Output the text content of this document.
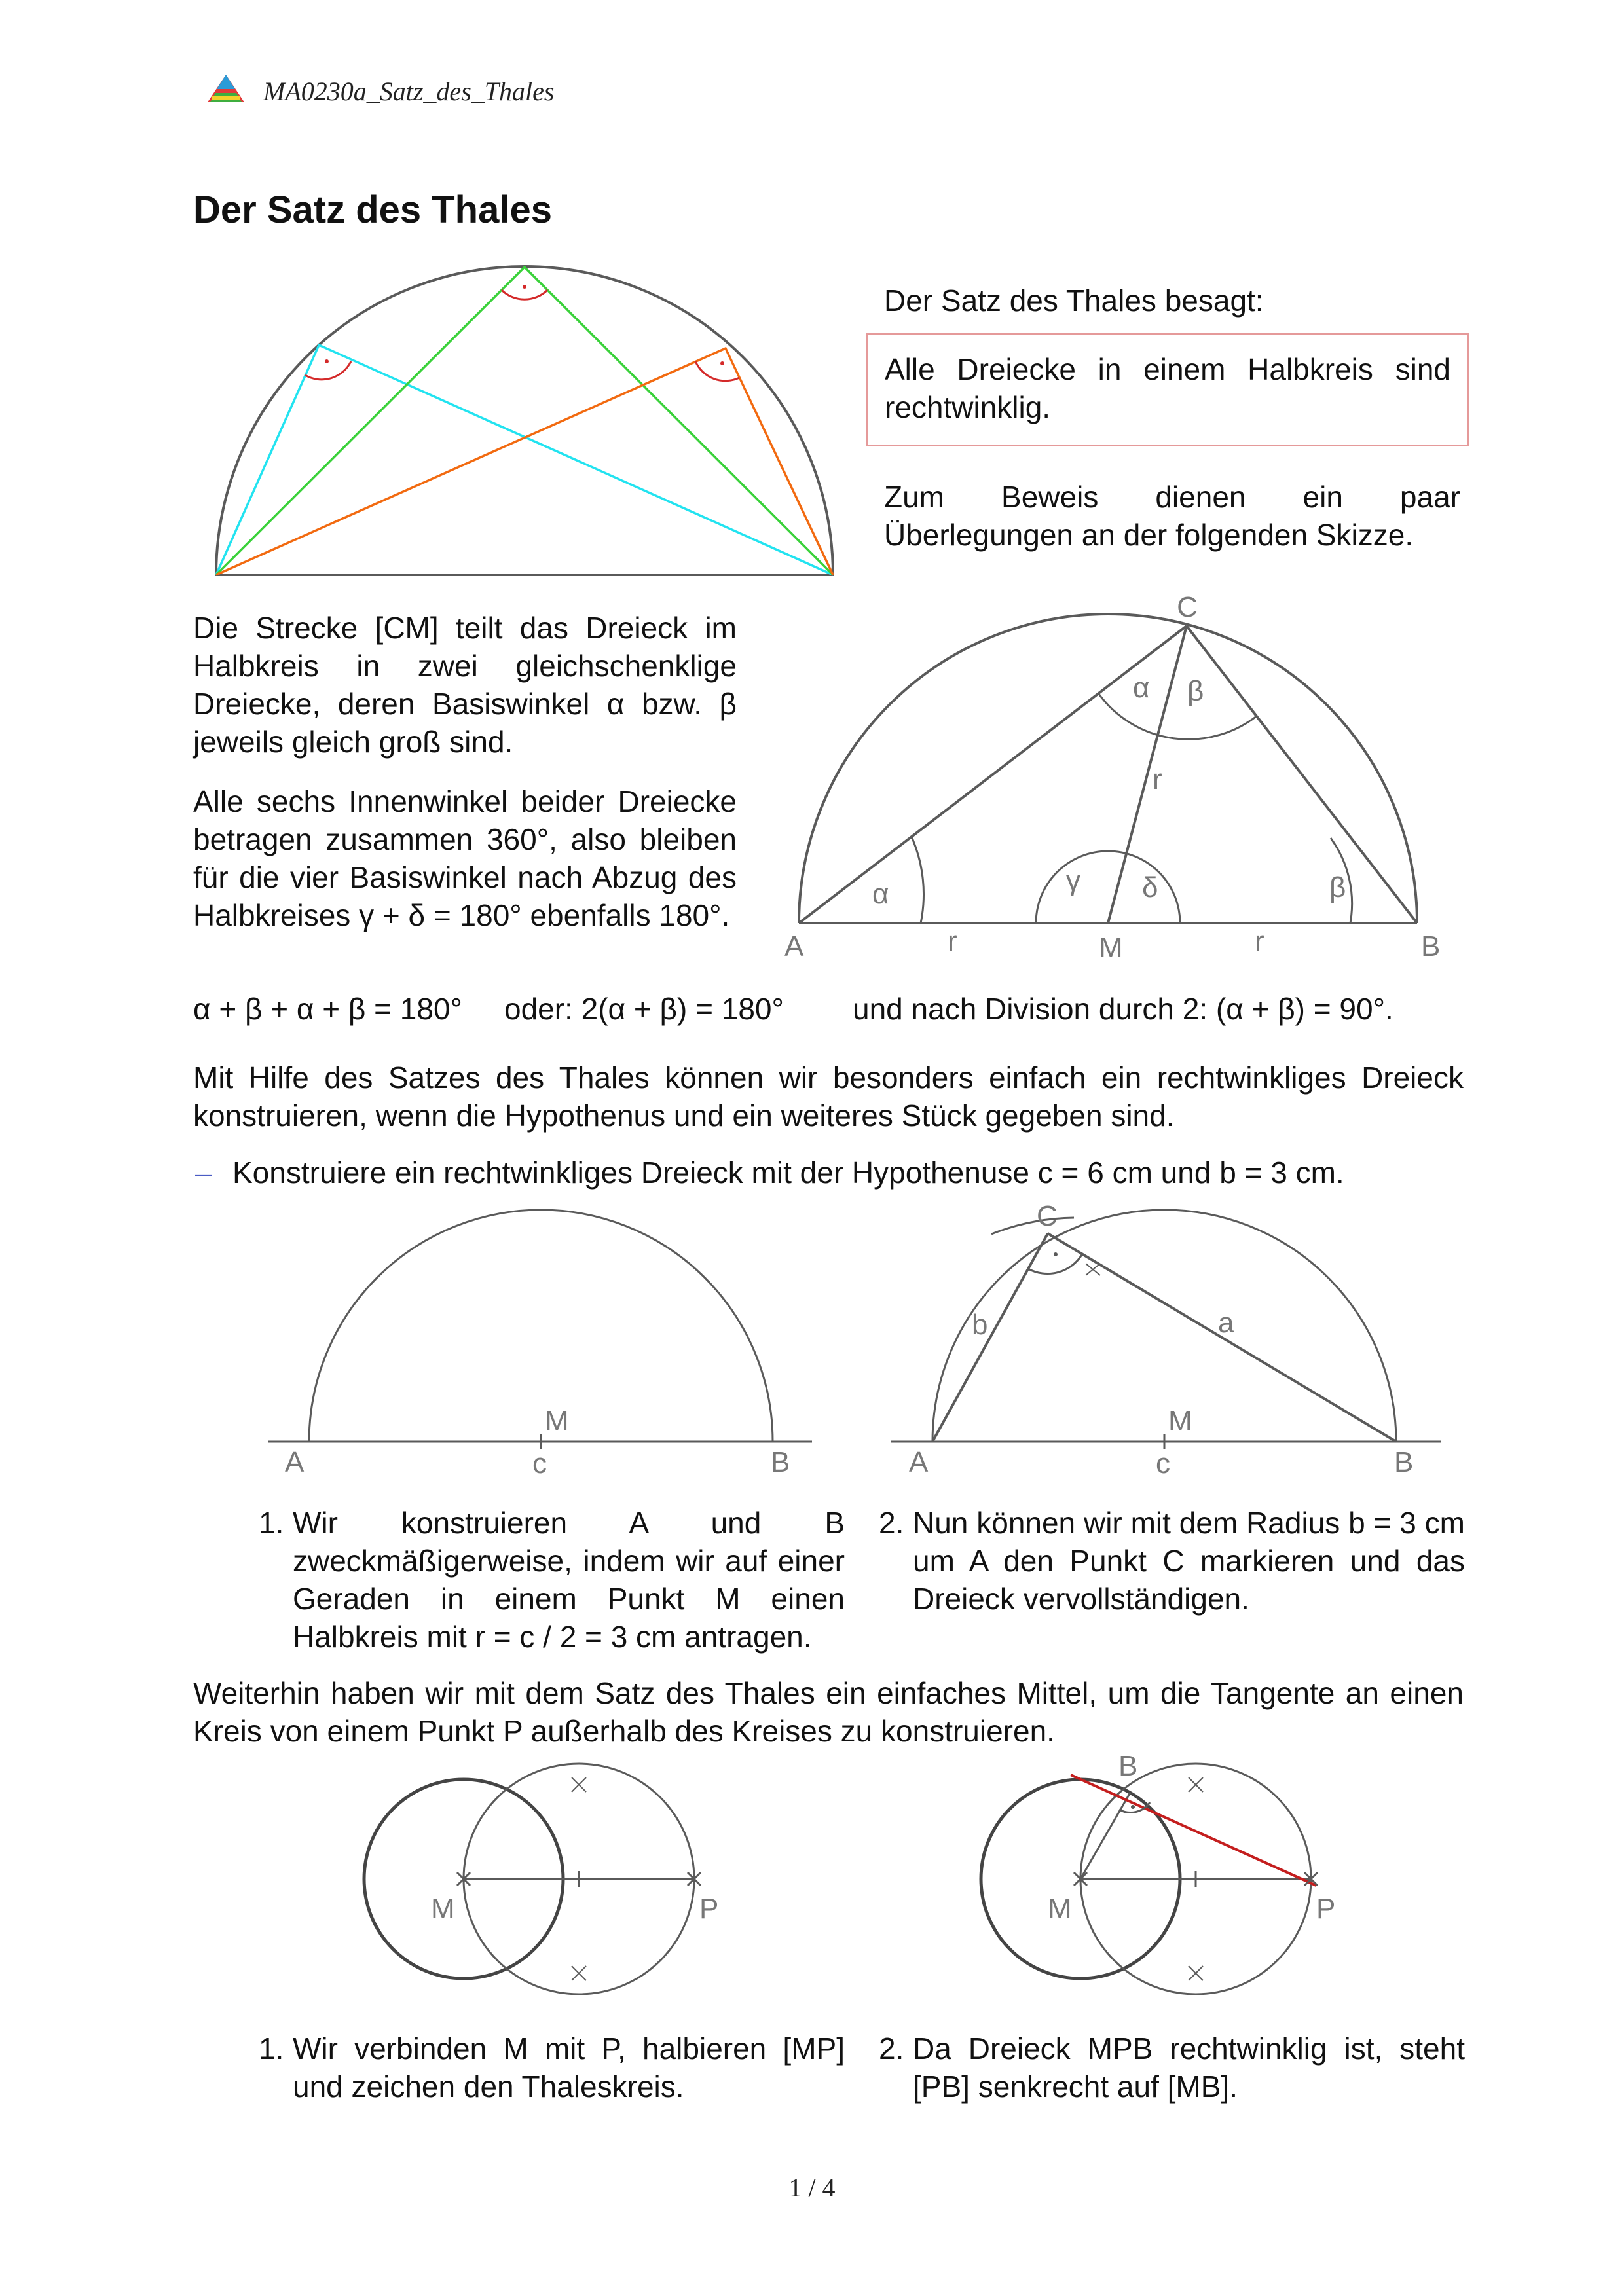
MA0230a_Satz_des_Thales
Der Satz des Thales
Der Satz des Thales besagt:
Alle Dreiecke in einem Halbkreis sind rechtwinklig.
Zum Beweis dienen ein paar Überlegungen an der folgenden Skizze.
Die Strecke [CM] teilt das Dreieck im Halbkreis in zwei gleichschenklige Dreiecke, deren Basiswinkel α bzw. β jeweils gleich groß sind.
Alle sechs Innenwinkel beider Dreiecke betragen zusammen 360°, also bleiben für die vier Basiswinkel nach Abzug des Halbkreises γ + δ = 180° ebenfalls 180°.
C
A	B
M
r	r
r
α
α β
β
γ δ
α + β + α + β = 180° oder: 2(α + β) = 180° und nach Division durch 2: (α + β) = 90°.
Mit Hilfe des Satzes des Thales können wir besonders einfach ein rechtwinkliges Dreieck konstruieren, wenn die Hypothenus und ein weiteres Stück gegeben sind.
– Konstruiere ein rechtwinkliges Dreieck mit der Hypothenuse c = 6 cm und b = 3 cm.
A	B
M
c
C
b	a
A	B
M
c
1. Wir konstruieren A und B zweckmäßigerweise, indem wir auf einer Geraden in einem Punkt M einen Halbkreis mit r = c / 2 = 3 cm antragen.
2. Nun können wir mit dem Radius b = 3 cm um A den Punkt C markieren und das Dreieck vervollständigen.
Weiterhin haben wir mit dem Satz des Thales ein einfaches Mittel, um die Tangente an einen Kreis von einem Punkt P außerhalb des Kreises zu konstruieren.
M	P
B
M	P
1. Wir verbinden M mit P, halbieren [MP] und zeichen den Thaleskreis.
2. Da Dreieck MPB rechtwinklig ist, steht [PB] senkrecht auf [MB].
1 / 4
